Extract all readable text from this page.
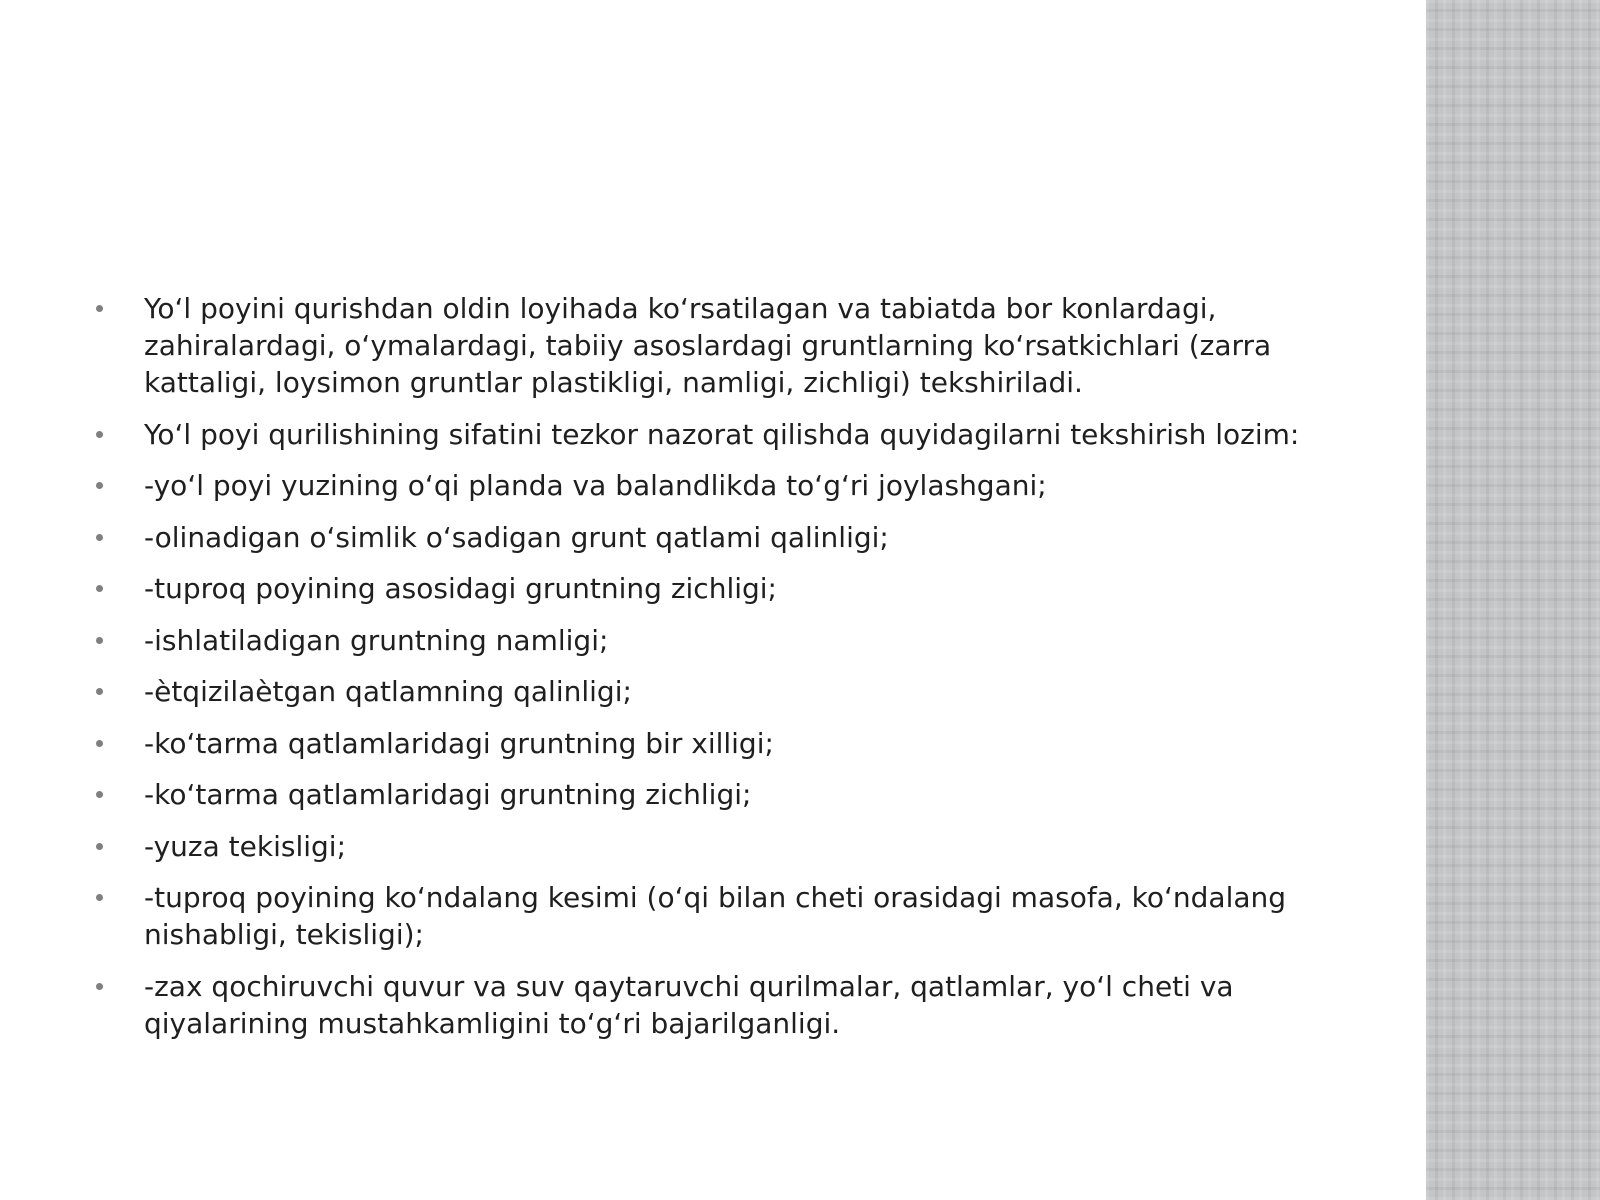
Yo‘l poyini qurishdan oldin loyihada ko‘rsatilagan va tabiatda bor konlardagi, zahiralardagi, o‘ymalardagi, tabiiy asoslardagi gruntlarning ko‘rsatkichlari (zarra kattaligi, loysimon gruntlar plastikligi, namligi, zichligi) tekshiriladi.
Yo‘l poyi qurilishining sifatini tezkor nazorat qilishda quyidagilarni tekshirish lozim:
-yo‘l poyi yuzining o‘qi planda va balandlikda to‘g‘ri joylashgani;
-olinadigan o‘simlik o‘sadigan grunt qatlami qalinligi;
-tuproq poyining asosidagi gruntning zichligi;
-ishlatiladigan gruntning namligi;
-ètqizilaètgan qatlamning qalinligi;
-ko‘tarma qatlamlaridagi gruntning bir xilligi;
-ko‘tarma qatlamlaridagi gruntning zichligi;
-yuza tekisligi;
-tuproq poyining ko‘ndalang kesimi (o‘qi bilan cheti orasidagi masofa, ko‘ndalang nishabligi, tekisligi);
-zax qochiruvchi quvur va suv qaytaruvchi qurilmalar, qatlamlar, yo‘l cheti va qiyalarining mustahkamligini to‘g‘ri bajarilganligi.
